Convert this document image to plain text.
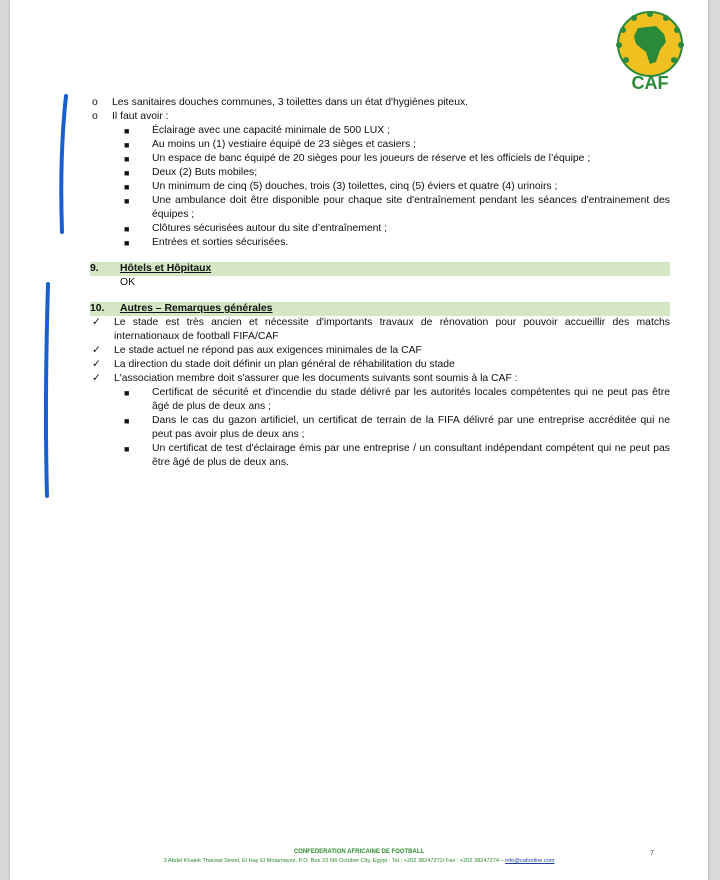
CAF
o	Les sanitaires douches communes, 3 toilettes dans un état d'hygiènes piteux.
o	Il faut avoir :
■	Éclairage avec une capacité minimale de 500 LUX ;
■	Au moins un (1) vestiaire équipé de 23 sièges et casiers ;
■	Un espace de banc équipé de 20 sièges pour les joueurs de réserve et les officiels de l’équipe ;
■	Deux (2) Buts mobiles;
■	Un minimum de cinq (5) douches, trois (3) toilettes, cinq (5) éviers et quatre (4) urinoirs ;
■	Une ambulance doit être disponible pour chaque site d'entraînement pendant les séances d'entrainement des équipes ;
■	Clôtures sécurisées autour du site d’entraînement ;
■	Entrées et sorties sécurisées.
9.	Hôtels et Hôpitaux
OK
10.	Autres – Remarques générales
✓	Le stade est très ancien et nécessite d'importants travaux de rénovation pour pouvoir accueillir des matchs internationaux de football FIFA/CAF
✓	Le stade actuel ne répond pas aux exigences minimales de la CAF
✓	La direction du stade doit définir un plan général de réhabilitation du stade
✓	L'association membre doit s'assurer que les documents suivants sont soumis à la CAF :
■	Certificat de sécurité et d'incendie du stade délivré par les autorités locales compétentes qui ne peut pas être âgé de plus de deux ans ;
■	Dans le cas du gazon artificiel, un certificat de terrain de la FIFA délivré par une entreprise accréditée qui ne peut pas avoir plus de deux ans ;
■	Un certificat de test d'éclairage émis par une entreprise / un consultant indépendant compétent qui ne peut pas être âgé de plus de deux ans.
CONFEDERATION AFRICAINE DE FOOTBALL
3 Abdel Khalek Tharwat Street, El Hay El Motamayez, P.O. Box 23 6th October City, Egypt - Tel.: +202 38247272/ Fax : +202 38247274 – info@cafonline.com
7
